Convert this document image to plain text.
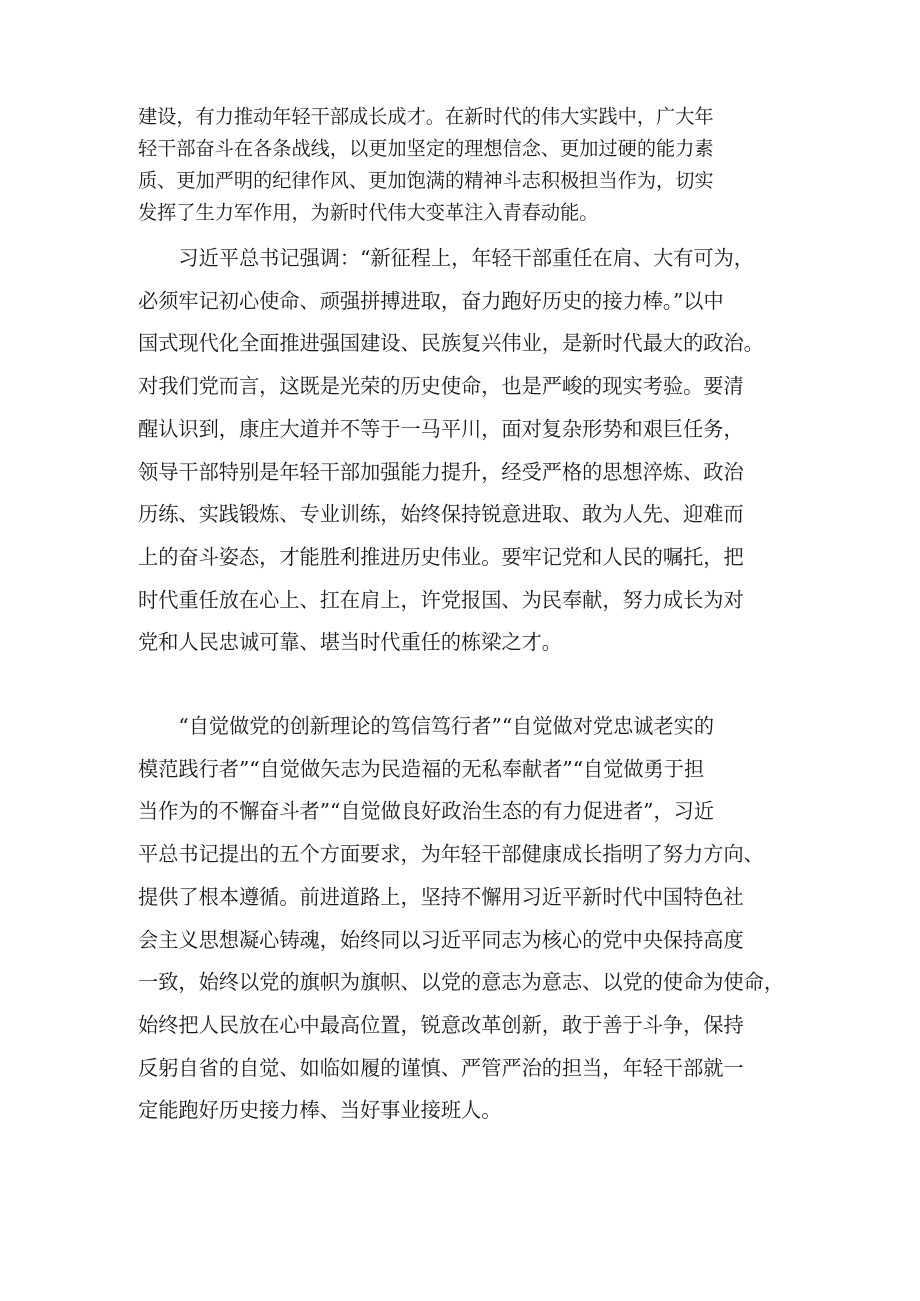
建设，有力推动年轻干部成长成才。在新时代的伟大实践中，广大年
轻干部奋斗在各条战线，以更加坚定的理想信念、更加过硬的能力素
质、更加严明的纪律作风、更加饱满的精神斗志积极担当作为，切实
发挥了生力军作用，为新时代伟大变革注入青春动能。
　　习近平总书记强调：“新征程上，年轻干部重任在肩、大有可为，
必须牢记初心使命、顽强拼搏进取，奋力跑好历史的接力棒。”以中
国式现代化全面推进强国建设、民族复兴伟业，是新时代最大的政治。
对我们党而言，这既是光荣的历史使命，也是严峻的现实考验。要清
醒认识到，康庄大道并不等于一马平川，面对复杂形势和艰巨任务，
领导干部特别是年轻干部加强能力提升，经受严格的思想淬炼、政治
历练、实践锻炼、专业训练，始终保持锐意进取、敢为人先、迎难而
上的奋斗姿态，才能胜利推进历史伟业。要牢记党和人民的嘱托，把
时代重任放在心上、扛在肩上，许党报国、为民奉献，努力成长为对
党和人民忠诚可靠、堪当时代重任的栋梁之才。
　　“自觉做党的创新理论的笃信笃行者”“自觉做对党忠诚老实的
模范践行者”“自觉做矢志为民造福的无私奉献者”“自觉做勇于担
当作为的不懈奋斗者”“自觉做良好政治生态的有力促进者”，习近
平总书记提出的五个方面要求，为年轻干部健康成长指明了努力方向、
提供了根本遵循。前进道路上，坚持不懈用习近平新时代中国特色社
会主义思想凝心铸魂，始终同以习近平同志为核心的党中央保持高度
一致，始终以党的旗帜为旗帜、以党的意志为意志、以党的使命为使命，
始终把人民放在心中最高位置，锐意改革创新，敢于善于斗争，保持
反躬自省的自觉、如临如履的谨慎、严管严治的担当，年轻干部就一
定能跑好历史接力棒、当好事业接班人。
